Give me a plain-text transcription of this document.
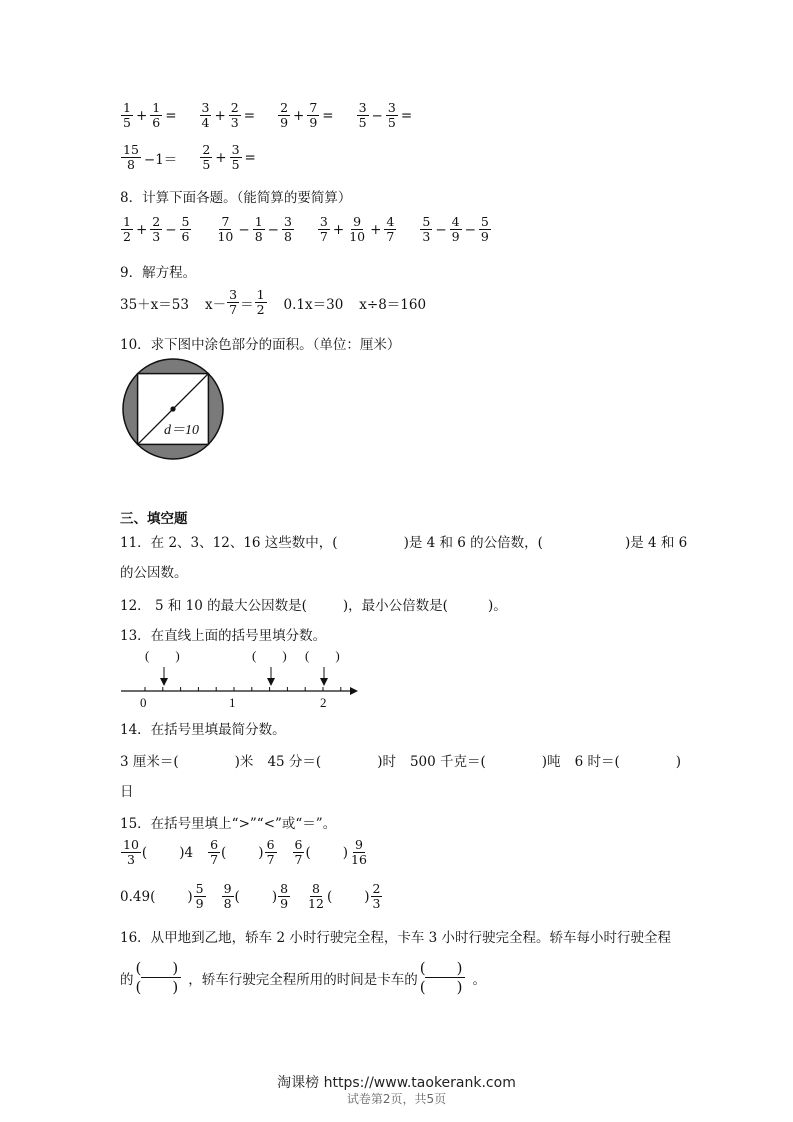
$\frac{1}{5} + \frac{1}{6} = \frac{3}{4} + \frac{2}{3} = \frac{2}{9} + \frac{7}{9} = \frac{3}{5} - \frac{3}{5}$ =
$\frac{15}{8} -1= \frac{2}{5} + \frac{3}{5}$ =
8．计算下面各题。（能简算的要简算）
$\frac{1}{2} + \frac{2}{3} - \frac{5}{6} \frac{7}{10} - \frac{1}{8} - \frac{3}{8} \frac{3}{7} + \frac{9}{10} + \frac{4}{7} \frac{5}{3} - \frac{4}{9} - \frac{5}{9}$
9．解方程。
35＋x＝53 $x- \frac{3}{7} = \frac{1}{2} 0.1x=30$ x÷8＝160
10．求下图中涂色部分的面积。（单位：厘米）
d＝10
三、填空题
11．在 2、3、12、16 这些数中，(	)是 4 和 6 的公倍数，(	)是 4 和 6
的公因数。
12． 5 和 10 的最大公因数是(	)，最小公倍数是(	)。
13．在直线上面的括号里填分数。
(　　)	(　　) (　　)
0	1	2
14．在括号里填最简分数。
3 厘米＝(	)米 45 分＝(	)时 500 千克＝(	)吨 6 时＝(	)
日
15．在括号里填上“>”“<”或“＝”。
$\frac{10}{3}$ ( ) $4 \frac{6}{7}$ ( ) $\frac{6}{7} \frac{6}{7}$ ( ) $\frac{9}{16}$
0.49 ( ) $\frac{5}{9} \frac{9}{8}$ ( ) $\frac{8}{9} \frac{8}{12}$ ( ) $\frac{2}{3}$
16．从甲地到乙地，轿车 2 小时行驶完全程，卡车 3 小时行驶完全程。轿车每小时行驶全程
的
(　)
(　) ，轿车行驶完全程所用的时间是卡车的
(　)
(　) 。
试卷第2页，共5页
淘课榜 https://www.taokerank.com
